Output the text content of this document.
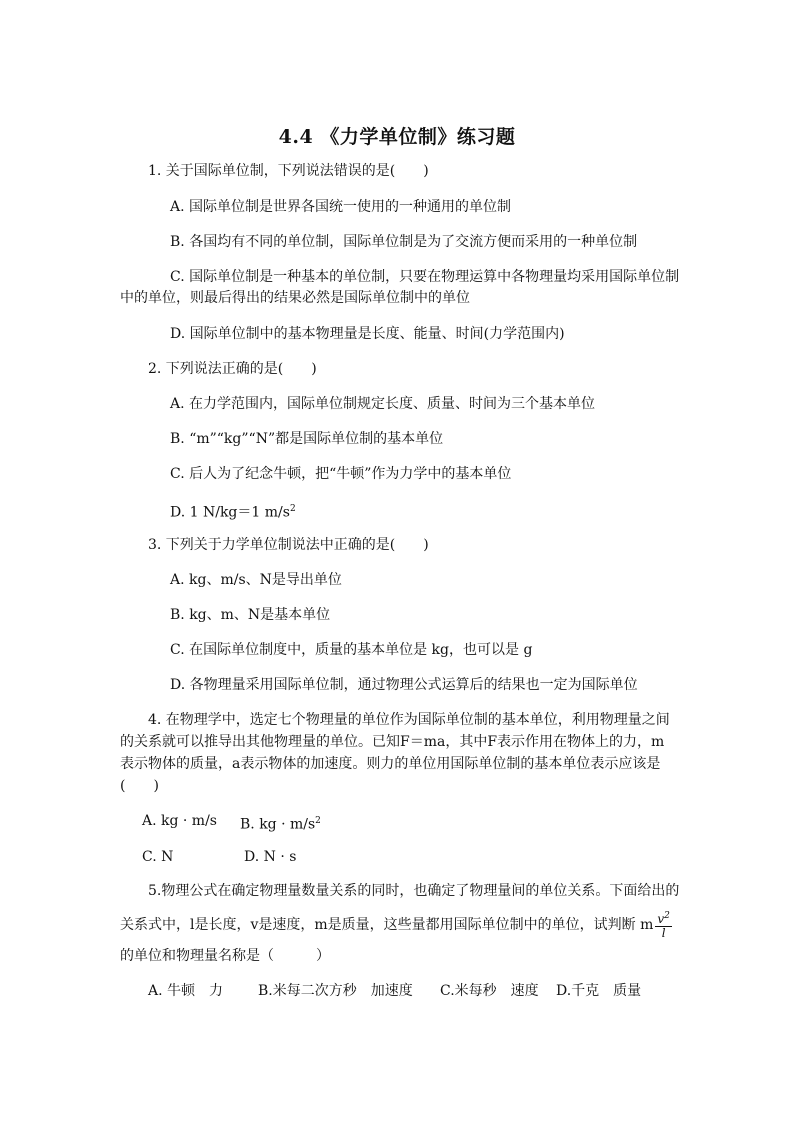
4.4 《力学单位制》练习题
1. 关于国际单位制，下列说法错误的是(　　)
A. 国际单位制是世界各国统一使用的一种通用的单位制
B. 各国均有不同的单位制，国际单位制是为了交流方便而采用的一种单位制
C. 国际单位制是一种基本的单位制，只要在物理运算中各物理量均采用国际单位制
中的单位，则最后得出的结果必然是国际单位制中的单位
D. 国际单位制中的基本物理量是长度、能量、时间(力学范围内)
2. 下列说法正确的是(　　)
A. 在力学范围内，国际单位制规定长度、质量、时间为三个基本单位
B. “m”“kg”“N”都是国际单位制的基本单位
C. 后人为了纪念牛顿，把“牛顿”作为力学中的基本单位
D. 1 N/kg＝1 $m/s^2$
3. 下列关于力学单位制说法中正确的是(　　)
A. kg、m/s、N是导出单位
B. kg、m、N是基本单位
C. 在国际单位制度中，质量的基本单位是 kg，也可以是 g
D. 各物理量采用国际单位制，通过物理公式运算后的结果也一定为国际单位
4. 在物理学中，选定七个物理量的单位作为国际单位制的基本单位，利用物理量之间
的关系就可以推导出其他物理量的单位。已知F＝ma，其中F表示作用在物体上的力，m
表示物体的质量，a表示物体的加速度。则力的单位用国际单位制的基本单位表示应该是
(　　)
A. kg · m/s B. kg · $m/s^2$
C. N	D. N · s
5.物理公式在确定物理量数量关系的同时，也确定了物理量间的单位关系。下面给出的
关系式中，l是长度，v是速度，m是质量，这些量都用国际单位制中的单位，试判断 m $\frac{v^2}{l}$
的单位和物理量名称是（　　　）
A. 牛顿　力 B.米每二次方秒　加速度 C.米每秒　速度 D.千克　质量
